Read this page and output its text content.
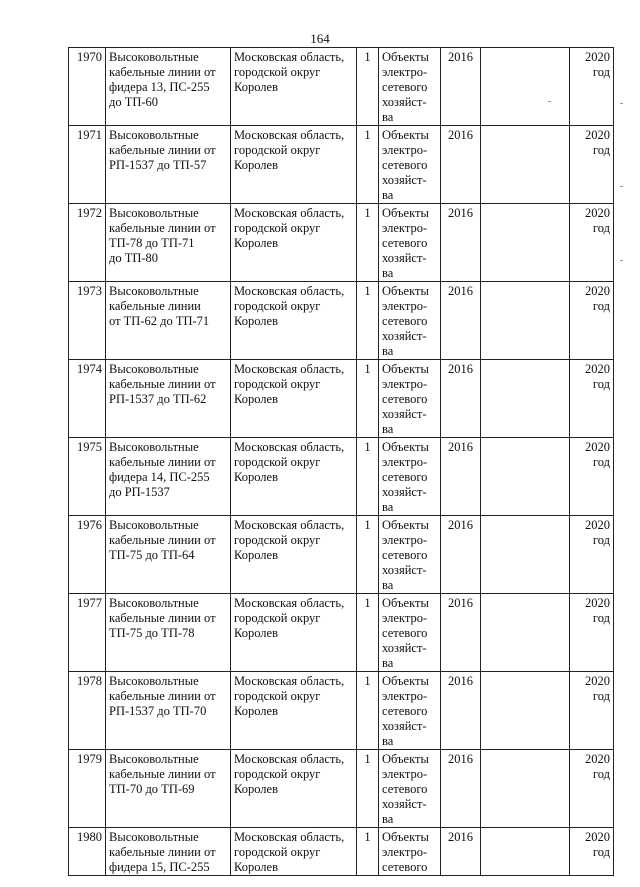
164
1970	Высоковольтные
кабельные линии от
фидера 13, ПС-255
до ТП-60	Московская область,
городской округ
Королев	1	Объекты
электро-
сетевого
хозяйст-
ва	2016		2020
год

1971	Высоковольтные
кабельные линии от
РП-1537 до ТП-57	Московская область,
городской округ
Королев	1	Объекты
электро-
сетевого
хозяйст-
ва	2016		2020
год

1972	Высоковольтные
кабельные линии от
ТП-78 до ТП-71
до ТП-80	Московская область,
городской округ
Королев	1	Объекты
электро-
сетевого
хозяйст-
ва	2016		2020
год

1973	Высоковольтные
кабельные линии
от ТП-62 до ТП-71	Московская область,
городской округ
Королев	1	Объекты
электро-
сетевого
хозяйст-
ва	2016		2020
год

1974	Высоковольтные
кабельные линии от
РП-1537 до ТП-62	Московская область,
городской округ
Королев	1	Объекты
электро-
сетевого
хозяйст-
ва	2016		2020
год

1975	Высоковольтные
кабельные линии от
фидера 14, ПС-255
до РП-1537	Московская область,
городской округ
Королев	1	Объекты
электро-
сетевого
хозяйст-
ва	2016		2020
год

1976	Высоковольтные
кабельные линии от
ТП-75 до ТП-64	Московская область,
городской округ
Королев	1	Объекты
электро-
сетевого
хозяйст-
ва	2016		2020
год

1977	Высоковольтные
кабельные линии от
ТП-75 до ТП-78	Московская область,
городской округ
Королев	1	Объекты
электро-
сетевого
хозяйст-
ва	2016		2020
год

1978	Высоковольтные
кабельные линии от
РП-1537 до ТП-70	Московская область,
городской округ
Королев	1	Объекты
электро-
сетевого
хозяйст-
ва	2016		2020
год

1979	Высоковольтные
кабельные линии от
ТП-70 до ТП-69	Московская область,
городской округ
Королев	1	Объекты
электро-
сетевого
хозяйст-
ва	2016		2020
год

1980	Высоковольтные
кабельные линии от
фидера 15, ПС-255	Московская область,
городской округ
Королев	1	Объекты
электро-
сетевого	2016		2020
год
